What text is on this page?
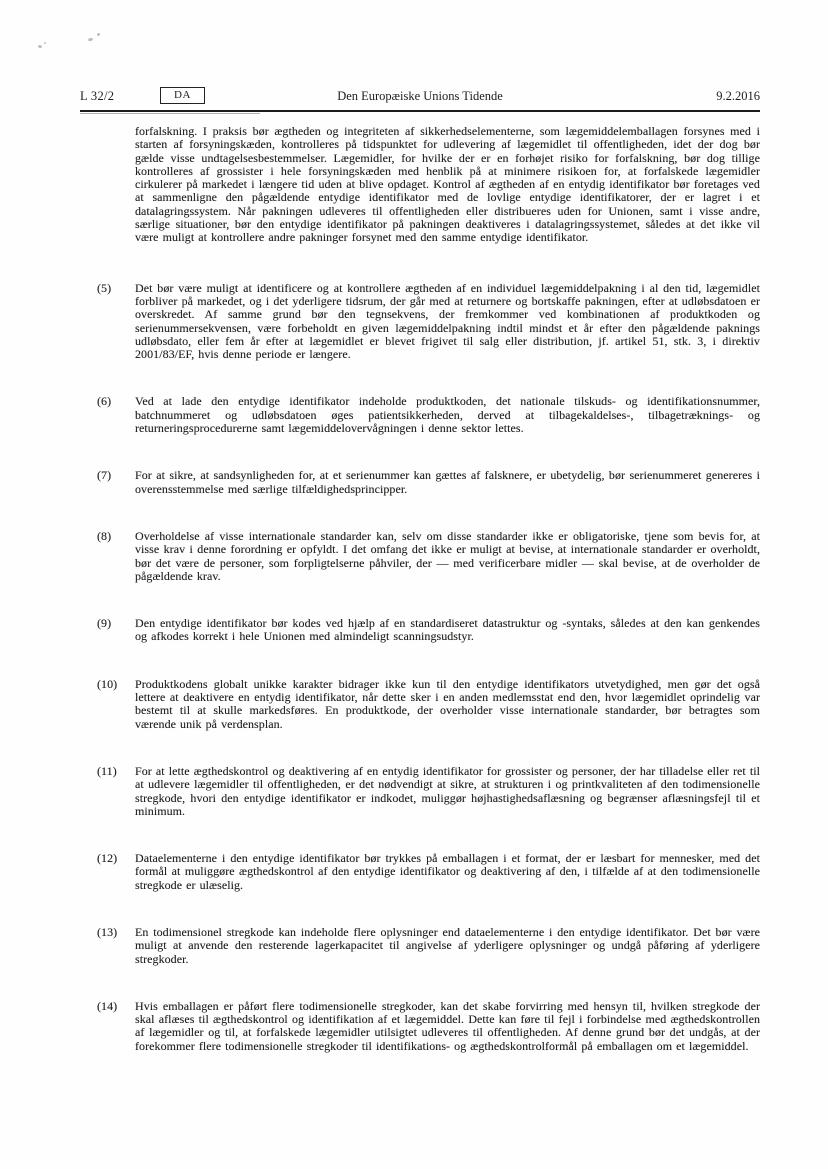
L 32/2	DA	Den Europæiske Unions Tidende	9.2.2016

forfalskning. I praksis bør ægtheden og integriteten af sikkerhedselementerne, som lægemiddelemballagen forsynes med i starten af forsyningskæden, kontrolleres på tidspunktet for udlevering af lægemidlet til offentligheden, idet der dog bør gælde visse undtagelsesbestemmelser. Lægemidler, for hvilke der er en forhøjet risiko for forfalskning, bør dog tillige kontrolleres af grossister i hele forsyningskæden med henblik på at minimere risikoen for, at forfalskede lægemidler cirkulerer på markedet i længere tid uden at blive opdaget. Kontrol af ægtheden af en entydig identifikator bør foretages ved at sammenligne den pågældende entydige identifikator med de lovlige entydige identifikatorer, der er lagret i et datalagringssystem. Når pakningen udleveres til offentligheden eller distribueres uden for Unionen, samt i visse andre, særlige situationer, bør den entydige identifikator på pakningen deaktiveres i datalagringssystemet, således at det ikke vil være muligt at kontrollere andre pakninger forsynet med den samme entydige identifikator.

(5)	Det bør være muligt at identificere og at kontrollere ægtheden af en individuel lægemiddelpakning i al den tid, lægemidlet forbliver på markedet, og i det yderligere tidsrum, der går med at returnere og bortskaffe pakningen, efter at udløbsdatoen er overskredet. Af samme grund bør den tegnsekvens, der fremkommer ved kombinationen af produktkoden og serienummersekvensen, være forbeholdt en given lægemiddelpakning indtil mindst et år efter den pågældende paknings udløbsdato, eller fem år efter at lægemidlet er blevet frigivet til salg eller distribution, jf. artikel 51, stk. 3, i direktiv 2001/83/EF, hvis denne periode er længere.
(6)	Ved at lade den entydige identifikator indeholde produktkoden, det nationale tilskuds- og identifikationsnummer, batchnummeret og udløbsdatoen øges patientsikkerheden, derved at tilbagekaldelses-, tilbagetræknings- og returneringsprocedurerne samt lægemiddelovervågningen i denne sektor lettes.
(7)	For at sikre, at sandsynligheden for, at et serienummer kan gættes af falsknere, er ubetydelig, bør serienummeret genereres i overensstemmelse med særlige tilfældighedsprincipper.
(8)	Overholdelse af visse internationale standarder kan, selv om disse standarder ikke er obligatoriske, tjene som bevis for, at visse krav i denne forordning er opfyldt. I det omfang det ikke er muligt at bevise, at internationale standarder er overholdt, bør det være de personer, som forpligtelserne påhviler, der — med verificerbare midler — skal bevise, at de overholder de pågældende krav.
(9)	Den entydige identifikator bør kodes ved hjælp af en standardiseret datastruktur og -syntaks, således at den kan genkendes og afkodes korrekt i hele Unionen med almindeligt scanningsudstyr.
(10)	Produktkodens globalt unikke karakter bidrager ikke kun til den entydige identifikators utvetydighed, men gør det også lettere at deaktivere en entydig identifikator, når dette sker i en anden medlemsstat end den, hvor lægemidlet oprindelig var bestemt til at skulle markedsføres. En produktkode, der overholder visse internationale standarder, bør betragtes som værende unik på verdensplan.
(11)	For at lette ægthedskontrol og deaktivering af en entydig identifikator for grossister og personer, der har tilladelse eller ret til at udlevere lægemidler til offentligheden, er det nødvendigt at sikre, at strukturen i og printkvaliteten af den todimensionelle stregkode, hvori den entydige identifikator er indkodet, muliggør højhastighedsaflæsning og begrænser aflæsningsfejl til et minimum.
(12)	Dataelementerne i den entydige identifikator bør trykkes på emballagen i et format, der er læsbart for mennesker, med det formål at muliggøre ægthedskontrol af den entydige identifikator og deaktivering af den, i tilfælde af at den todimensionelle stregkode er ulæselig.
(13)	En todimensionel stregkode kan indeholde flere oplysninger end dataelementerne i den entydige identifikator. Det bør være muligt at anvende den resterende lagerkapacitet til angivelse af yderligere oplysninger og undgå påføring af yderligere stregkoder.
(14)	Hvis emballagen er påført flere todimensionelle stregkoder, kan det skabe forvirring med hensyn til, hvilken stregkode der skal aflæses til ægthedskontrol og identifikation af et lægemiddel. Dette kan føre til fejl i forbindelse med ægthedskontrollen af lægemidler og til, at forfalskede lægemidler utilsigtet udleveres til offentligheden. Af denne grund bør det undgås, at der forekommer flere todimensionelle stregkoder til identifikations- og ægthedskontrolformål på emballagen om et lægemiddel.
